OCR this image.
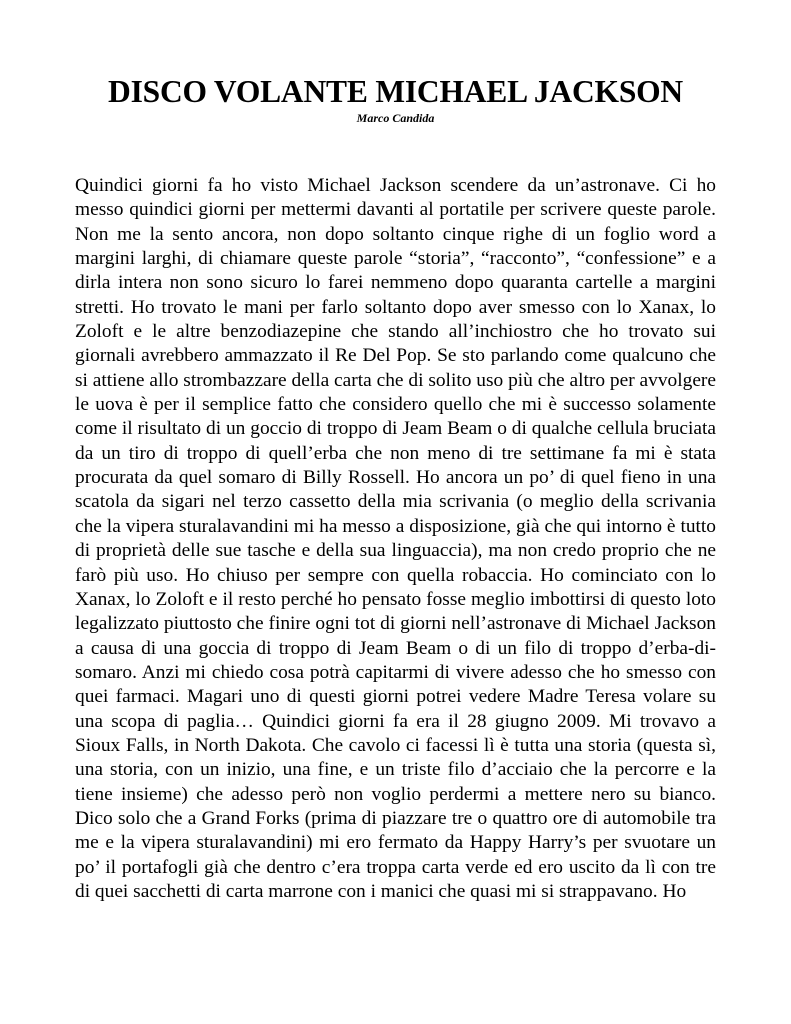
DISCO VOLANTE MICHAEL JACKSON

Marco Candida

Quindici giorni fa ho visto Michael Jackson scendere da un’astronave. Ci ho messo quindici giorni per mettermi davanti al portatile per scrivere queste parole. Non me la sento ancora, non dopo soltanto cinque righe di un foglio word a margini larghi, di chiamare queste parole “storia”, “racconto”, “confessione” e a dirla intera non sono sicuro lo farei nemmeno dopo quaranta cartelle a margini stretti. Ho trovato le mani per farlo soltanto dopo aver smesso con lo Xanax, lo Zoloft e le altre benzodiazepine che stando all’inchiostro che ho trovato sui giornali avrebbero ammazzato il Re Del Pop. Se sto parlando come qualcuno che si attiene allo strombazzare della carta che di solito uso più che altro per avvolgere le uova è per il semplice fatto che considero quello che mi è successo solamente come il risultato di un goccio di troppo di Jeam Beam o di qualche cellula bruciata da un tiro di troppo di quell’erba che non meno di tre settimane fa mi è stata procurata da quel somaro di Billy Rossell. Ho ancora un po’ di quel fieno in una scatola da sigari nel terzo cassetto della mia scrivania (o meglio della scrivania che la vipera sturalavandini mi ha messo a disposizione, già che qui intorno è tutto di proprietà delle sue tasche e della sua linguaccia), ma non credo proprio che ne farò più uso. Ho chiuso per sempre con quella robaccia. Ho cominciato con lo Xanax, lo Zoloft e il resto perché ho pensato fosse meglio imbottirsi di questo loto legalizzato piuttosto che finire ogni tot di giorni nell’astronave di Michael Jackson a causa di una goccia di troppo di Jeam Beam o di un filo di troppo d’erba-di-somaro. Anzi mi chiedo cosa potrà capitarmi di vivere adesso che ho smesso con quei farmaci. Magari uno di questi giorni potrei vedere Madre Teresa volare su una scopa di paglia… Quindici giorni fa era il 28 giugno 2009. Mi trovavo a Sioux Falls, in North Dakota. Che cavolo ci facessi lì è tutta una storia (questa sì, una storia, con un inizio, una fine, e un triste filo d’acciaio che la percorre e la tiene insieme) che adesso però non voglio perdermi a mettere nero su bianco. Dico solo che a Grand Forks (prima di piazzare tre o quattro ore di automobile tra me e la vipera sturalavandini) mi ero fermato da Happy Harry’s per svuotare un po’ il portafogli già che dentro c’era troppa carta verde ed ero uscito da lì con tre di quei sacchetti di carta marrone con i manici che quasi mi si strappavano. Ho
